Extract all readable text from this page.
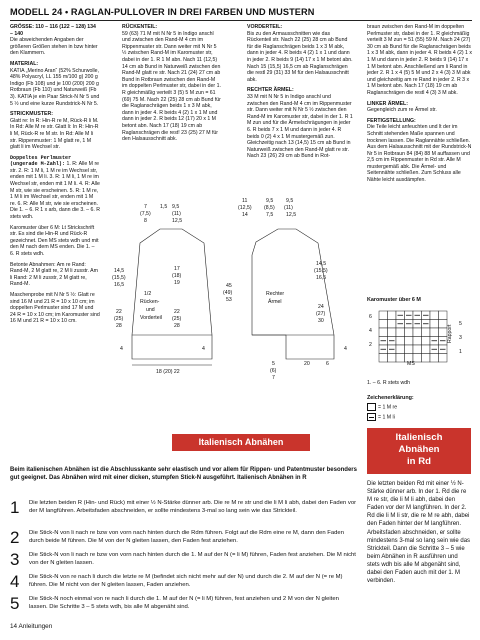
MODELL 24 • RAGLAN-PULLOVER IN DREI FARBEN UND MUSTERN

GRÖSSE: 110 – 116 (122 – 128) 134 – 140
Die abweichenden Angaben der größeren Größen stehen in bzw hinter den Klammern.

MATERIAL:
KATIA „Merino Aran“ (52% Schurwolle, 48% Polyacryl, LL 155 m/100 g) 200 g Indigo (Fb 108) und je 100 (200) 200 g Rotbraun (Fb 110) und Naturweiß (Fb 3). KATIA je ein Paar Strick-N Nr 5 und 5 ½ und eine kurze Rundstrick-N Nr 5.

STRICKMUSTER:
Glatt re: In R: Hin-R re M, Rück-R li M. In Rd: Alle M re str. Glatt li: In R: Hin-R li M, Rück-R re M str. In Rd: Alle M li str. Rippenmuster: 1 M glatt re, 1 M glatt li im Wechsel str.

Doppeltes Perlmuster (ungerade M-Zahl): 1. R: Alle M re str. 2. R: 1 M li, 1 M re im Wechsel str, enden mit 1 M li. 3. R: 1 M li, 1 M re im Wechsel str, enden mit 1 M li. 4. R: Alle M str, wie sie erscheinen. 5. R: 1 M re, 1 M li im Wechsel str, enden mit 1 M re. 6. R: Alle M str, wie sie erscheinen. Die 1. – 6. R 1 x arb, dann die 3. – 6. R stets wdh.

Karomuster über 6 M: Lt Strickschrift str. Es sind die Hin-R und Rück-R gezeichnet. Den MS stets wdh und mit den M nach dem MS enden. Die 1. – 6. R stets wdh.

Betonte Abnahmen: Am re Rand: Rand-M, 2 M glatt re, 2 M li zusstr. Am li Rand: 2 M li zusstr, 2 M glatt re, Rand-M.

Maschenprobe mit N Nr 5 ½: Glatt re sind 16 M und 21 R = 10 x 10 cm; im doppelten Perlmuster sind 17 M und 24 R = 10 x 10 cm; im Karomuster sind 16 M und 21 R = 10 x 10 cm.

RÜCKENTEIL:
59 (63) 71 M mit N Nr 5 in Indigo anschl und zwischen den Rand-M 4 cm im Rippenmuster str. Dann weiter mit N Nr 5 ½ zwischen Rand-M im Karomuster str, dabei in der 1. R 1 M abn. Nach 11 (12,5) 14 cm ab Bund in Naturweiß zwischen den Rand-M glatt re str. Nach 21 (24) 27 cm ab Bund in Rotbraun zwischen den Rand-M im doppelten Perlmuster str, dabei in der 1. R gleichmäßig verteilt 3 (5) 5 M zun = 61 (69) 75 M. Nach 22 (25) 28 cm ab Bund für die Raglanschrägen beids 1 x 3 M abk, dann in jeder 4. R beids 4 (2) 1 x 1 M und dann in jeder 2. R beids 12 (17) 20 x 1 M betont abn. Nach 17 (18) 19 cm ab Raglanschrägen die rest! 23 (25) 27 M für den Halsausschnitt abk.

VORDERTEIL:
Bis zu den Armausschnitten wie das Rückenteil str. Nach 22 (25) 28 cm ab Bund für die Raglanschrägen beids 1 x 3 M abk, dann in jeder 4. R beids 4 (2) 1 x 1 und dann in jeder 2. R beids 9 (14) 17 x 1 M betont abn. Nach 15 (15,5) 16,5 cm ab Raglanschrägen die restl 29 (31) 33 M für den Halsausschnitt abk.

RECHTER ÄRMEL:
33 M mit N Nr 5 in Indigo anschl und zwischen den Rand-M 4 cm im Rippenmuster str. Dann weiter mit N Nr 5 ½ zwischen den Rand-M im Karomuster str, dabei in der 1. R 1 M zun und für die Ärmelschrägungen in jeder 6. R beids 7 x 1 M und dann in jeder 4. R beids 0 (2) 4 x 1 M mustergemäß zun. Gleichzeitig nach 13 (14,5) 15 cm ab Bund in Naturweiß zwischen den Rand-M glatt re str. Nach 23 (26) 29 cm ab Bund in Rot-

braun zwischen den Rand-M im doppelten Perlmuster str, dabei in der 1. R gleichmäßig verteilt 3 M zun = 51 (55) 59 M. Nach 24 (27) 30 cm ab Bund für die Raglanschrägen beids 1 x 3 M abk, dann in jeder 4. R beids 4 (2) 1 x 1 M und dann in jeder 2. R beids 9 (14) 17 x 1 M betont abn. Anschließend am li Rand in jeder 2. R 1 x 4 (5) 5 M und 2 x 4 (3) 3 M abk und gleichzeitig am re Rand in jeder 2. R 3 x 1 M betont abn. Nach 17 (18) 19 cm ab Raglanschrägen die restl 4 (3) 3 M abk.

LINKER ÄRMEL:
Gegengleich zum re Ärmel str.

FERTIGSTELLUNG:
Die Teile leicht anfeuchten und lt der im Schnitt stehenden Maße spannen und trocknen lassen. Die Raglannähte schließen. Aus dem Halsausschnitt mit der Rundstrick-N Nr 5 in Rotbraun 84 (84) 88 M auffassen und 2,5 cm im Rippenmuster in Rd str. Alle M mustergemäß abk. Die Ärmel- und Seitennähte schließen. Zum Schluss alle Nähte leicht ausdämpfen.

7
(7,5)
8
1,5 9,5
(11)
12,5
14,5
(15,5)
16,5
22
(25)
28
17
(18)
19
22
(25)
28
1/2
Rücken-
und
Vorderteil
4	4
18 (20) 22
11
(12,5)
14
9,5
(8,5)
7,5
9,5
(11)
12,5
45
(49)
53
Rechter
Ärmel
14,5
(15,5)
16,5
24
(27)
30
4
5
(6)
7
20	6
Karomuster über 6 M
6
4
2
5
3
1
Rapport
MS
1. – 6. R stets wdh
Zeichenerklärung:
= 1 M re
= 1 M li
Italienisch Abnähen	Italienisch
Abnähen
in Rd
Beim italienischen Abnähen ist die Abschlusskante sehr elastisch und vor allem für Rippen- und Patentmuster besonders gut geeignet. Das Abnähen wird mit einer dicken, stumpfen Stick-N ausgeführt. Italienisch Abnähen in R
1	Die letzten beiden R (Hin- und Rück) mit einer ½ N-Stärke dünner arb. Die re M re str und die li M li abh, dabei den Faden vor der M langführen. Arbeitsfaden abschneiden, er sollte mindestens 3-mal so lang sein wie das Strickteil.
2	Die Stick-N von li nach re bzw von vorn nach hinten durch die Rdm führen. Folgt auf die Rdm eine re M, dann den Faden durch beide M führen. Die M von der N gleiten lassen, den Faden fest anziehen.
3	Die Stick-N von li nach re bzw von vorn nach hinten durch die 1. M auf der N (= li M) führen, Faden fest anziehen. Die M nicht von der N gleiten lassen.
4	Die Stick-N von re nach li durch die letzte re M (befindet sich nicht mehr auf der N) und durch die 2. M auf der N (= re M) führen. Die M nicht von der N gleiten lassen, Faden anziehen.
5	Die Stick-N noch einmal von re nach li durch die 1. M auf der N (= li M) führen, fest anziehen und 2 M von der N gleiten lassen. Die Schritte 3 – 5 stets wdh, bis alle M abgenäht sind.
Die letzten beiden Rd mit einer ½ N-Stärke dünner arb. In der 1. Rd die re M re str, die li M li abh, dabei den Faden vor der M langführen. In der 2. Rd die li M li str, die re M re abh, dabei den Faden hinter der M langführen. Arbeitsfaden abschneiden, er sollte mindestens 3-mal so lang sein wie das Strickteil. Dann die Schritte 3 – 5 wie beim Abnähen in R ausführen und stets wdh bis alle M abgenäht sind, dabei den Faden auch mit der 1. M verbinden.
14 Anleitungen
